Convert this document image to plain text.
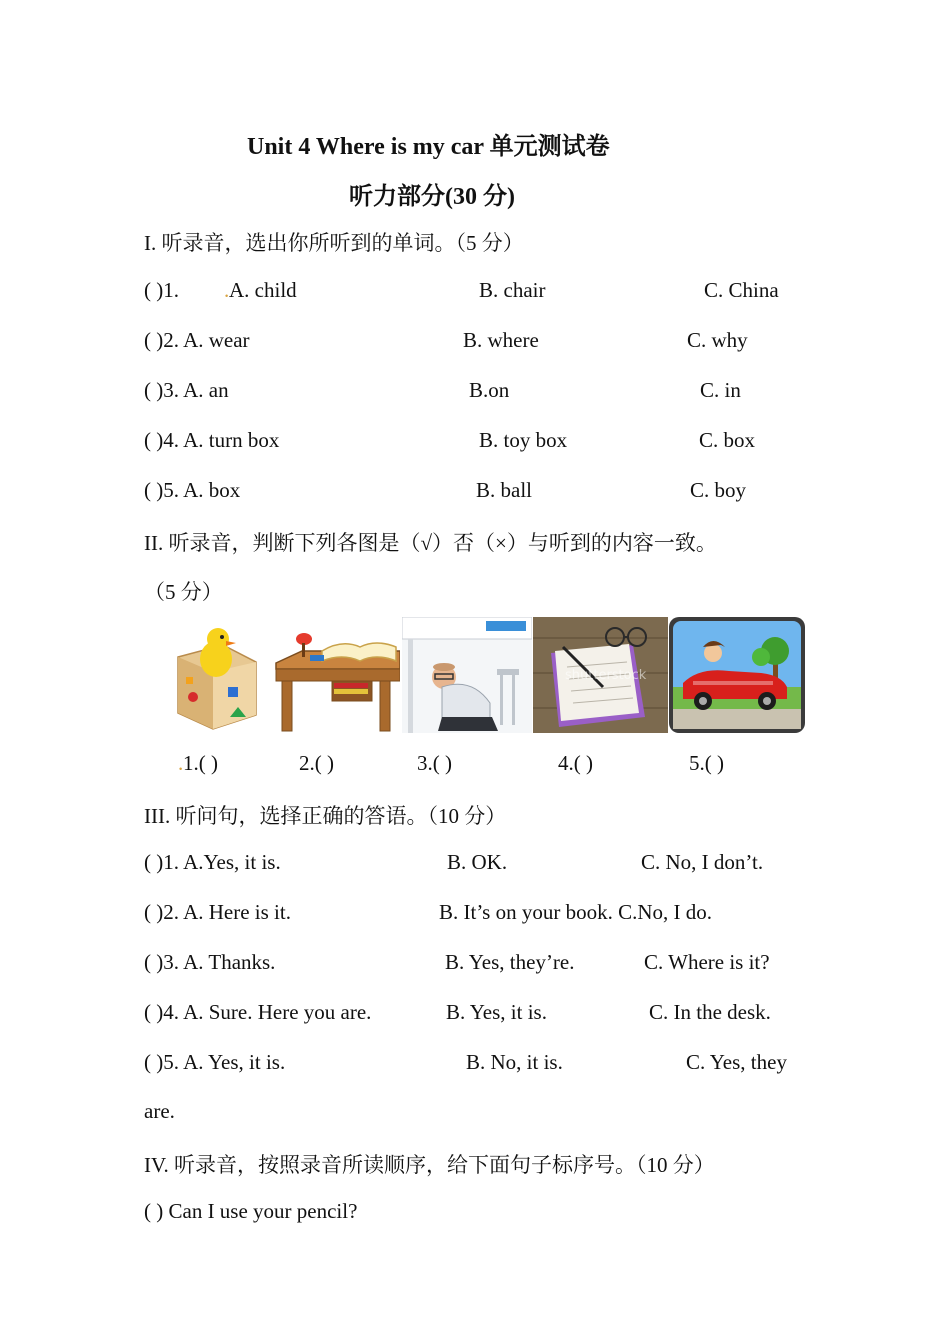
Unit 4 Where is my car 单元测试卷
听力部分(30 分)
I. 听录音，选出你所听到的单词。（5 分）
( )1. . A. child	B. chair	C. China
( )2. A. wear	B. where	C. why
( )3. A. an	B.on	C. in
( )4. A. turn box	B. toy box	C. box
( )5. A. box	B. ball	C. boy
II. 听录音，判断下列各图是（√）否（×）与听到的内容一致。
（5 分）
shutterstock
. 1.( )	2.( )	3.( )	4.( )	5.( )
III. 听问句，选择正确的答语。（10 分）
( )1. A.Yes, it is.	B. OK.	C. No, I don’t.
( )2. A. Here is it.	B. It’s on your book. C.No, I do.
( )3. A. Thanks.	B. Yes, they’re.	C. Where is it?
( )4. A. Sure. Here you are.	B. Yes, it is.	C. In the desk.
( )5. A. Yes, it is.	B. No, it is.	C. Yes, they
are.
IV. 听录音，按照录音所读顺序，给下面句子标序号。（10 分）
( ) Can I use your pencil?
